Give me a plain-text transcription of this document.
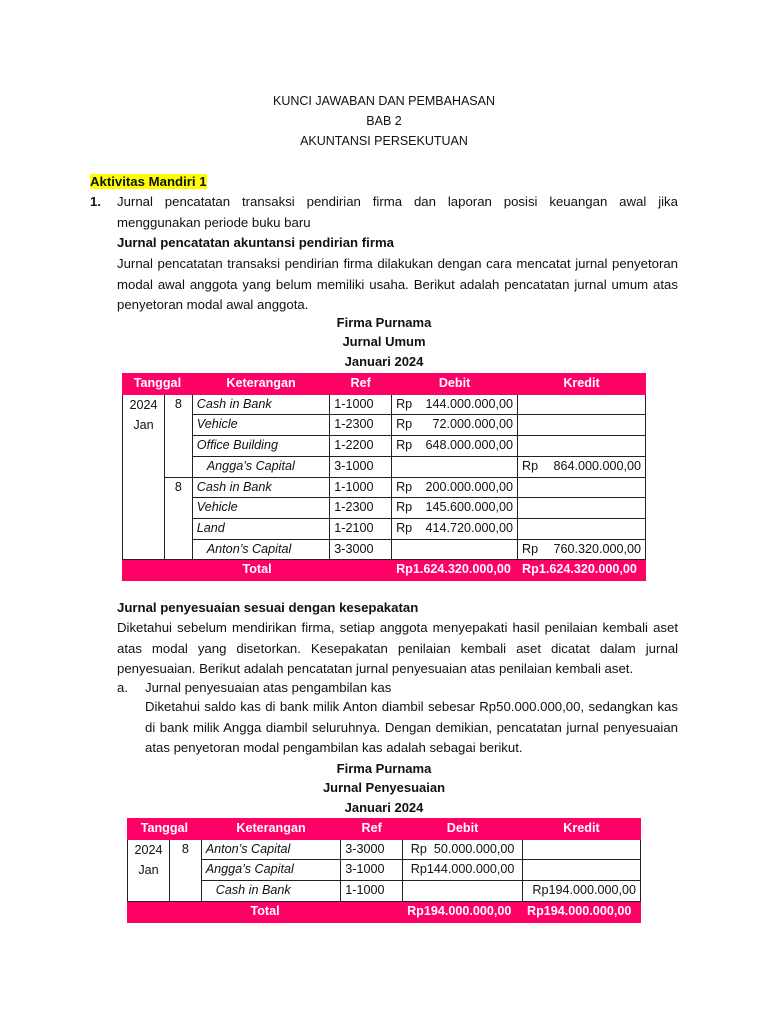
KUNCI JAWABAN DAN PEMBAHASAN
BAB 2
AKUNTANSI PERSEKUTUAN
Aktivitas Mandiri 1
1. Jurnal pencatatan transaksi pendirian firma dan laporan posisi keuangan awal jika menggunakan periode buku baru
Jurnal pencatatan akuntansi pendirian firma
Jurnal pencatatan transaksi pendirian firma dilakukan dengan cara mencatat jurnal penyetoran modal awal anggota yang belum memiliki usaha. Berikut adalah pencatatan jurnal umum atas penyetoran modal awal anggota.
Firma Purnama
Jurnal Umum
Januari 2024
Tanggal		Keterangan	Ref	Debit	Kredit
2024
Jan	8	Cash in Bank	1-1000	Rp 144.000.000,00	

		Vehicle	1-2300	Rp 72.000.000,00	

		Office Building	1-2200	Rp 648.000.000,00	

		Angga’s Capital	3-1000		Rp 864.000.000,00

	8	Cash in Bank	1-1000	Rp 200.000.000,00	

		Vehicle	1-2300	Rp 145.600.000,00	

		Land	1-2100	Rp 414.720.000,00	

		Anton’s Capital	3-3000		Rp 760.320.000,00

Total				Rp1.624.320.000,00	Rp1.624.320.000,00
Jurnal penyesuaian sesuai dengan kesepakatan
Diketahui sebelum mendirikan firma, setiap anggota menyepakati hasil penilaian kembali aset atas modal yang disetorkan. Kesepakatan penilaian kembali aset dicatat dalam jurnal penyesuaian. Berikut adalah pencatatan jurnal penyesuaian atas penilaian kembali aset.
a. Jurnal penyesuaian atas pengambilan kas
Diketahui saldo kas di bank milik Anton diambil sebesar Rp50.000.000,00, sedangkan kas di bank milik Angga diambil seluruhnya. Dengan demikian, pencatatan jurnal penyesuaian atas penyetoran modal pengambilan kas adalah sebagai berikut.
Firma Purnama
Jurnal Penyesuaian
Januari 2024
Tanggal		Keterangan	Ref	Debit	Kredit
2024
Jan	8	Anton’s Capital	3-3000	Rp  50.000.000,00	
		Angga’s Capital	3-1000	Rp144.000.000,00	
		Cash in Bank	1-1000		Rp194.000.000,00
Total				Rp194.000.000,00	Rp194.000.000,00
